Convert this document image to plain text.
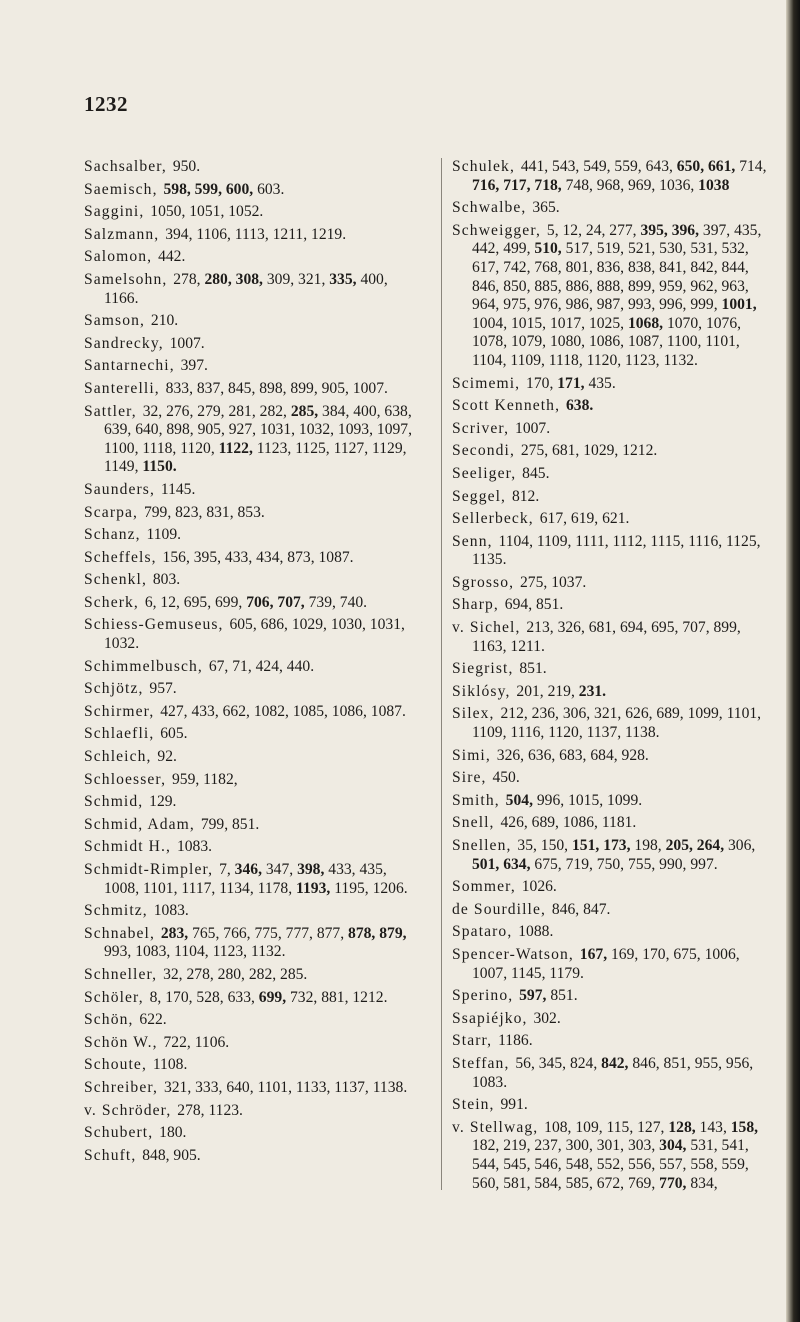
1232

Sachsalber, 950.

Saemisch, 598, 599, 600, 603.

Saggini, 1050, 1051, 1052.

Salzmann, 394, 1106, 1113, 1211, 1219.

Salomon, 442.

Samelsohn, 278, 280, 308, 309, 321, 335, 400, 1166.

Samson, 210.

Sandrecky, 1007.

Santarnechi, 397.

Santerelli, 833, 837, 845, 898, 899, 905, 1007.

Sattler, 32, 276, 279, 281, 282, 285, 384, 400, 638, 639, 640, 898, 905, 927, 1031, 1032, 1093, 1097, 1100, 1118, 1120, 1122, 1123, 1125, 1127, 1129, 1149, 1150.

Saunders, 1145.

Scarpa, 799, 823, 831, 853.

Schanz, 1109.

Scheffels, 156, 395, 433, 434, 873, 1087.

Schenkl, 803.

Scherk, 6, 12, 695, 699, 706, 707, 739, 740.

Schiess-Gemuseus, 605, 686, 1029, 1030, 1031, 1032.

Schimmelbusch, 67, 71, 424, 440.

Schjötz, 957.

Schirmer, 427, 433, 662, 1082, 1085, 1086, 1087.

Schlaefli, 605.

Schleich, 92.

Schloesser, 959, 1182,

Schmid, 129.

Schmid, Adam, 799, 851.

Schmidt H., 1083.

Schmidt-Rimpler, 7, 346, 347, 398, 433, 435, 1008, 1101, 1117, 1134, 1178, 1193, 1195, 1206.

Schmitz, 1083.

Schnabel, 283, 765, 766, 775, 777, 877, 878, 879, 993, 1083, 1104, 1123, 1132.

Schneller, 32, 278, 280, 282, 285.

Schöler, 8, 170, 528, 633, 699, 732, 881, 1212.

Schön, 622.

Schön W., 722, 1106.

Schoute, 1108.

Schreiber, 321, 333, 640, 1101, 1133, 1137, 1138.

v. Schröder, 278, 1123.

Schubert, 180.

Schuft, 848, 905.

Schulek, 441, 543, 549, 559, 643, 650, 661, 714, 716, 717, 718, 748, 968, 969, 1036, 1038

Schwalbe, 365.

Schweigger, 5, 12, 24, 277, 395, 396, 397, 435, 442, 499, 510, 517, 519, 521, 530, 531, 532, 617, 742, 768, 801, 836, 838, 841, 842, 844, 846, 850, 885, 886, 888, 899, 959, 962, 963, 964, 975, 976, 986, 987, 993, 996, 999, 1001, 1004, 1015, 1017, 1025, 1068, 1070, 1076, 1078, 1079, 1080, 1086, 1087, 1100, 1101, 1104, 1109, 1118, 1120, 1123, 1132.

Scimemi, 170, 171, 435.

Scott Kenneth, 638.

Scriver, 1007.

Secondi, 275, 681, 1029, 1212.

Seeliger, 845.

Seggel, 812.

Sellerbeck, 617, 619, 621.

Senn, 1104, 1109, 1111, 1112, 1115, 1116, 1125, 1135.

Sgrosso, 275, 1037.

Sharp, 694, 851.

v. Sichel, 213, 326, 681, 694, 695, 707, 899, 1163, 1211.

Siegrist, 851.

Siklósy, 201, 219, 231.

Silex, 212, 236, 306, 321, 626, 689, 1099, 1101, 1109, 1116, 1120, 1137, 1138.

Simi, 326, 636, 683, 684, 928.

Sire, 450.

Smith, 504, 996, 1015, 1099.

Snell, 426, 689, 1086, 1181.

Snellen, 35, 150, 151, 173, 198, 205, 264, 306, 501, 634, 675, 719, 750, 755, 990, 997.

Sommer, 1026.

de Sourdille, 846, 847.

Spataro, 1088.

Spencer-Watson, 167, 169, 170, 675, 1006, 1007, 1145, 1179.

Sperino, 597, 851.

Ssapiéjko, 302.

Starr, 1186.

Steffan, 56, 345, 824, 842, 846, 851, 955, 956, 1083.

Stein, 991.

v. Stellwag, 108, 109, 115, 127, 128, 143, 158, 182, 219, 237, 300, 301, 303, 304, 531, 541, 544, 545, 546, 548, 552, 556, 557, 558, 559, 560, 581, 584, 585, 672, 769, 770, 834,
